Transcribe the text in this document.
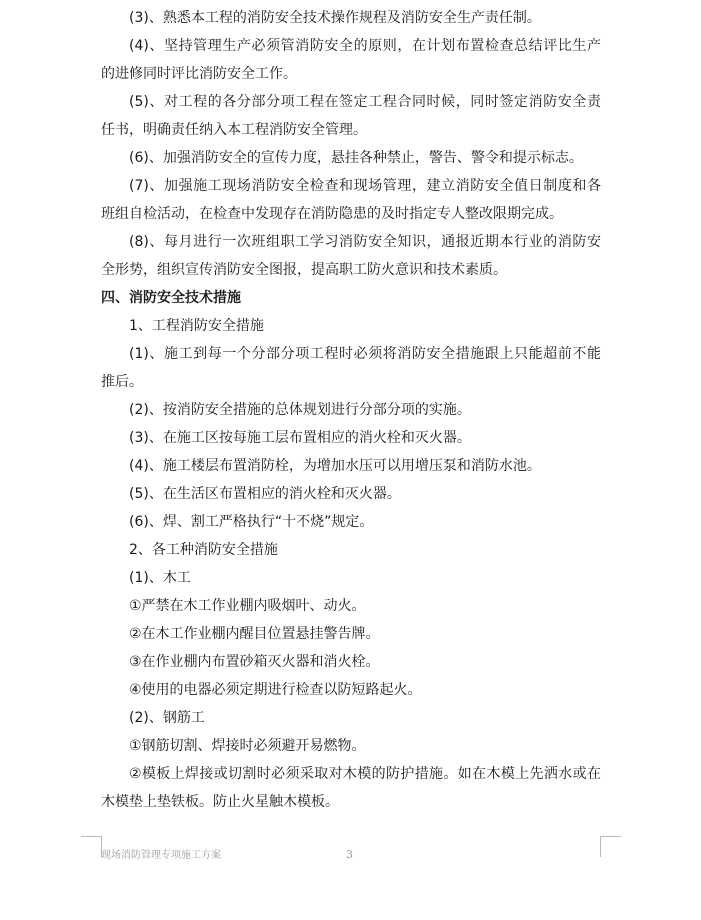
(3)、熟悉本工程的消防安全技术操作规程及消防安全生产责任制。
(4)、坚持管理生产必须管消防安全的原则，在计划布置检查总结评比生产
的进修同时评比消防安全工作。
(5)、对工程的各分部分项工程在签定工程合同时候，同时签定消防安全责
任书，明确责任纳入本工程消防安全管理。
(6)、加强消防安全的宣传力度，悬挂各种禁止，警告、警令和提示标志。
(7)、加强施工现场消防安全检查和现场管理，建立消防安全值日制度和各
班组自检活动，在检查中发现存在消防隐患的及时指定专人整改限期完成。
(8)、每月进行一次班组职工学习消防安全知识，通报近期本行业的消防安
全形势，组织宣传消防安全图报，提高职工防火意识和技术素质。
四、消防安全技术措施
1、工程消防安全措施
(1)、施工到每一个分部分项工程时必须将消防安全措施跟上只能超前不能
推后。
(2)、按消防安全措施的总体规划进行分部分项的实施。
(3)、在施工区按每施工层布置相应的消火栓和灭火器。
(4)、施工楼层布置消防栓，为增加水压可以用增压泵和消防水池。
(5)、在生活区布置相应的消火栓和灭火器。
(6)、焊、割工严格执行“十不烧”规定。
2、各工种消防安全措施
(1)、木工
①严禁在木工作业棚内吸烟叶、动火。
②在木工作业棚内醒目位置悬挂警告牌。
③在作业棚内布置砂箱灭火器和消火栓。
④使用的电器必须定期进行检查以防短路起火。
(2)、钢筋工
①钢筋切割、焊接时必须避开易燃物。
②模板上焊接或切割时必须采取对木模的防护措施。如在木模上先洒水或在
木模垫上垫铁板。防止火星触木模板。
现场消防管理专项施工方案	3
